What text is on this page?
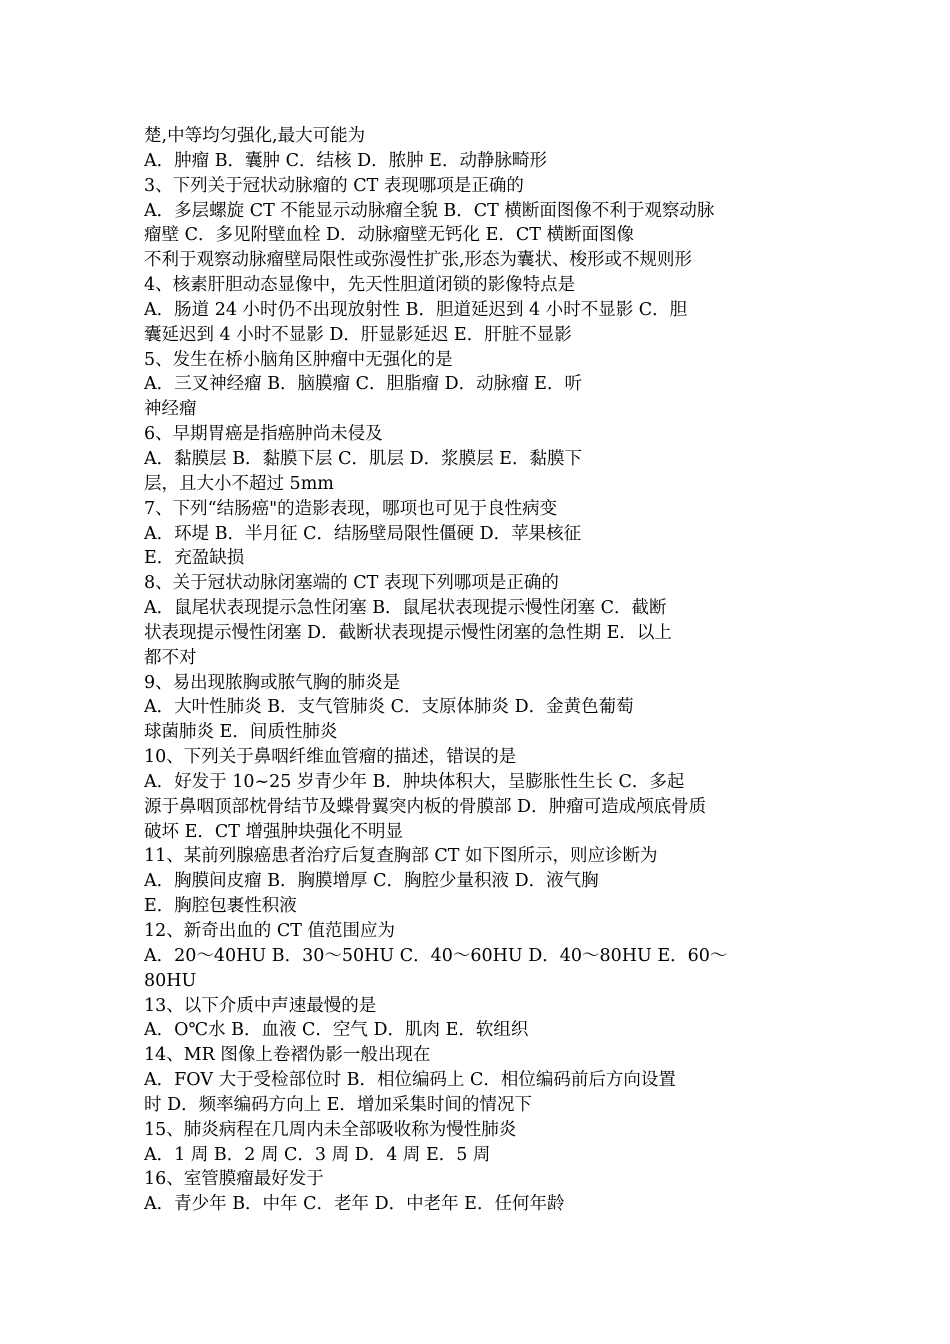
楚,中等均匀强化,最大可能为
A．肿瘤 B．囊肿 C．结核 D．脓肿 E．动静脉畸形
3、下列关于冠状动脉瘤的 CT 表现哪项是正确的
A．多层螺旋 CT 不能显示动脉瘤全貌 B．CT 横断面图像不利于观察动脉
瘤壁 C．多见附壁血栓 D．动脉瘤壁无钙化 E．CT 横断面图像
不利于观察动脉瘤壁局限性或弥漫性扩张,形态为囊状、梭形或不规则形
4、核素肝胆动态显像中，先天性胆道闭锁的影像特点是
A．肠道 24 小时仍不出现放射性 B．胆道延迟到 4 小时不显影 C．胆
囊延迟到 4 小时不显影 D．肝显影延迟 E．肝脏不显影
5、发生在桥小脑角区肿瘤中无强化的是
A．三叉神经瘤 B．脑膜瘤 C．胆脂瘤 D．动脉瘤 E．听
神经瘤
6、早期胃癌是指癌肿尚未侵及
A．黏膜层 B．黏膜下层 C．肌层 D．浆膜层 E．黏膜下
层，且大小不超过 5mm
7、下列“结肠癌"的造影表现，哪项也可见于良性病变
A．环堤 B．半月征 C．结肠壁局限性僵硬 D．苹果核征
E．充盈缺损
8、关于冠状动脉闭塞端的 CT 表现下列哪项是正确的
A．鼠尾状表现提示急性闭塞 B．鼠尾状表现提示慢性闭塞 C．截断
状表现提示慢性闭塞 D．截断状表现提示慢性闭塞的急性期 E．以上
都不对
9、易出现脓胸或脓气胸的肺炎是
A．大叶性肺炎 B．支气管肺炎 C．支原体肺炎 D．金黄色葡萄
球菌肺炎 E．间质性肺炎
10、下列关于鼻咽纤维血管瘤的描述，错误的是
A．好发于 10~25 岁青少年 B．肿块体积大，呈膨胀性生长 C．多起
源于鼻咽顶部枕骨结节及蝶骨翼突内板的骨膜部 D．肿瘤可造成颅底骨质
破坏 E．CT 增强肿块强化不明显
11、某前列腺癌患者治疗后复查胸部 CT 如下图所示，则应诊断为
A．胸膜间皮瘤 B．胸膜增厚 C．胸腔少量积液 D．液气胸
E．胸腔包裹性积液
12、新奇出血的 CT 值范围应为
A．20～40HU B．30～50HU C．40～60HU D．40～80HU E．60～
80HU
13、以下介质中声速最慢的是
A．O℃水 B．血液 C．空气 D．肌肉 E．软组织
14、MR 图像上卷褶伪影一般出现在
A．FOV 大于受检部位时 B．相位编码上 C．相位编码前后方向设置
时 D．频率编码方向上 E．增加采集时间的情况下
15、肺炎病程在几周内未全部吸收称为慢性肺炎
A．1 周 B．2 周 C．3 周 D．4 周 E．5 周
16、室管膜瘤最好发于
A．青少年 B．中年 C．老年 D．中老年 E．任何年龄
